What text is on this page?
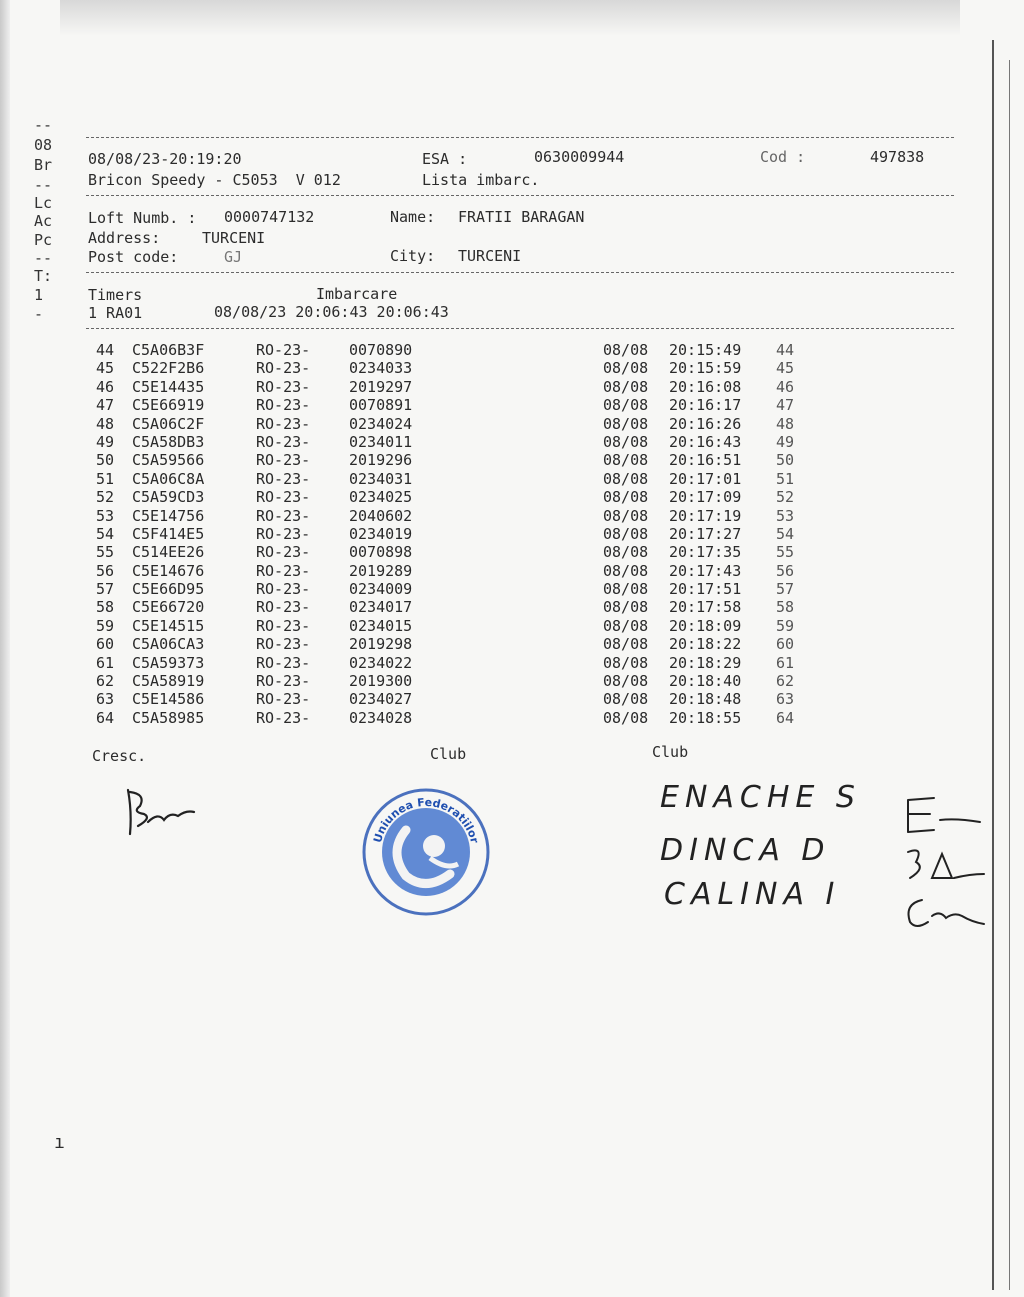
--
08
Br
--
Lc
Ac
Pc
--
T:
1
-
08/08/23-20:19:20	ESA :	0630009944	Cod :	497838
Bricon Speedy - C5053  V 012	Lista imbarc.
Loft Numb. : 0000747132	Name: FRATII BARAGAN
Address:	TURCENI
Post code:	GJ	City: TURCENI
Timers	Imbarcare
1 RA01	08/08/23 20:06:43 20:06:43
44 C5A06B3F	RO-23-	0070890	08/08 20:15:49 44
45 C522F2B6	RO-23-	0234033	08/08 20:15:59 45
46 C5E14435	RO-23-	2019297	08/08 20:16:08 46
47 C5E66919	RO-23-	0070891	08/08 20:16:17 47
48 C5A06C2F	RO-23-	0234024	08/08 20:16:26 48
49 C5A58DB3	RO-23-	0234011	08/08 20:16:43 49
50 C5A59566	RO-23-	2019296	08/08 20:16:51 50
51 C5A06C8A	RO-23-	0234031	08/08 20:17:01 51
52 C5A59CD3	RO-23-	0234025	08/08 20:17:09 52
53 C5E14756	RO-23-	2040602	08/08 20:17:19 53
54 C5F414E5	RO-23-	0234019	08/08 20:17:27 54
55 C514EE26	RO-23-	0070898	08/08 20:17:35 55
56 C5E14676	RO-23-	2019289	08/08 20:17:43 56
57 C5E66D95	RO-23-	0234009	08/08 20:17:51 57
58 C5E66720	RO-23-	0234017	08/08 20:17:58 58
59 C5E14515	RO-23-	0234015	08/08 20:18:09 59
60 C5A06CA3	RO-23-	2019298	08/08 20:18:22 60
61 C5A59373	RO-23-	0234022	08/08 20:18:29 61
62 C5A58919	RO-23-	2019300	08/08 20:18:40 62
63 C5E14586	RO-23-	0234027	08/08 20:18:48 63
64 C5A58985	RO-23-	0234028	08/08 20:18:55 64
Cresc.	Club	Club
Uniunea Federatiilor
ENACHE S
DINCA D
CALINA I
ı
